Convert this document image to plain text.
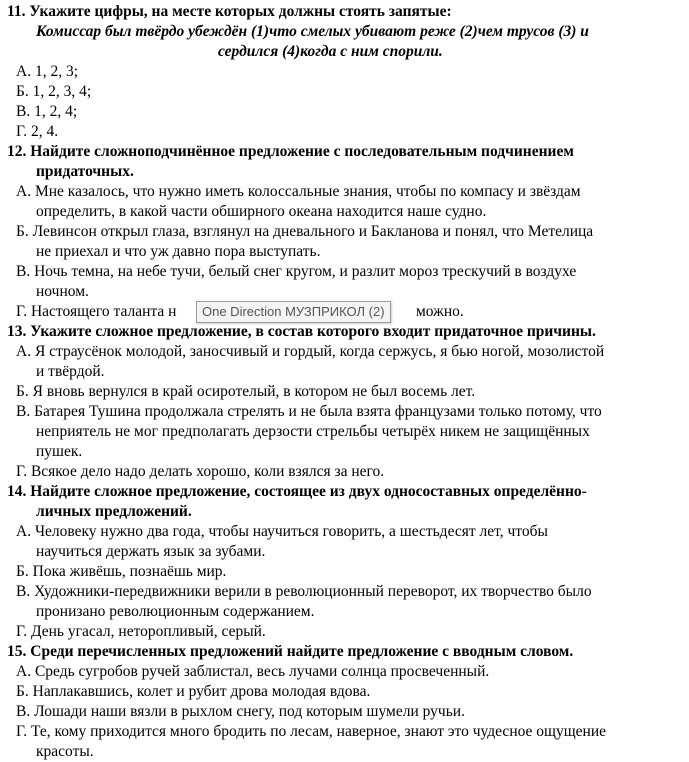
11. Укажите цифры, на месте которых должны стоять запятые:
Комиссар был твёрдо убеждён (1)что смелых убивают реже (2)чем трусов (3) и
сердился (4)когда с ним спорили.
А. 1, 2, 3;
Б. 1, 2, 3, 4;
В. 1, 2, 4;
Г. 2, 4.
12. Найдите сложноподчинённое предложение с последовательным подчинением
придаточных.
А. Мне казалось, что нужно иметь колоссальные знания, чтобы по компасу и звёздам
определить, в какой части обширного океана находится наше судно.
Б. Левинсон открыл глаза, взглянул на дневального и Бакланова и понял, что Метелица
не приехал и что уж давно пора выступать.
В. Ночь темна, на небе тучи, белый снег кругом, и разлит мороз трескучий в воздухе
ночном.
Г. Настоящего таланта н	можно.
One Direction МУЗПРИКОЛ (2)
13. Укажите сложное предложение, в состав которого входит придаточное причины.
А. Я страусёнок молодой, заносчивый и гордый, когда сержусь, я бью ногой, мозолистой
и твёрдой.
Б. Я вновь вернулся в край осиротелый, в котором не был восемь лет.
В. Батарея Тушина продолжала стрелять и не была взята французами только потому, что
неприятель не мог предполагать дерзости стрельбы четырёх никем не защищённых
пушек.
Г. Всякое дело надо делать хорошо, коли взялся за него.
14. Найдите сложное предложение, состоящее из двух односоставных определённо-
личных предложений.
А. Человеку нужно два года, чтобы научиться говорить, а шестьдесят лет, чтобы
научиться держать язык за зубами.
Б. Пока живёшь, познаёшь мир.
В. Художники-передвижники верили в революционный переворот, их творчество было
пронизано революционным содержанием.
Г. День угасал, неторопливый, серый.
15. Среди перечисленных предложений найдите предложение с вводным словом.
А. Средь сугробов ручей заблистал, весь лучами солнца просвеченный.
Б. Наплакавшись, колет и рубит дрова молодая вдова.
В. Лошади наши вязли в рыхлом снегу, под которым шумели ручьи.
Г. Те, кому приходится много бродить по лесам, наверное, знают это чудесное ощущение
красоты.
